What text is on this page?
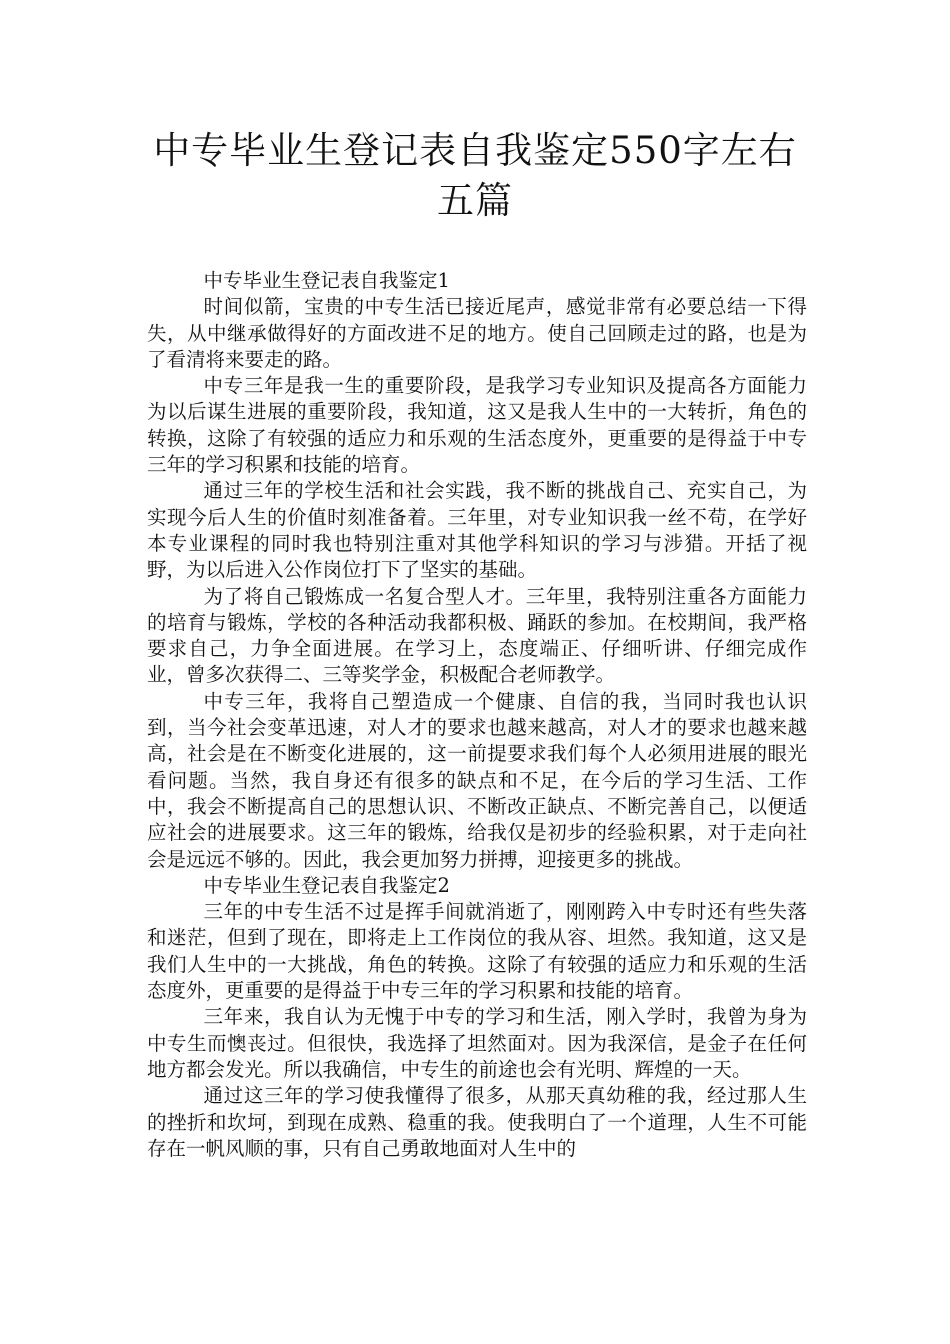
中专毕业生登记表自我鉴定550字左右五篇

中专毕业生登记表自我鉴定1

时间似箭，宝贵的中专生活已接近尾声，感觉非常有必要总结一下得失，从中继承做得好的方面改进不足的地方。使自己回顾走过的路，也是为了看清将来要走的路。

中专三年是我一生的重要阶段，是我学习专业知识及提高各方面能力为以后谋生进展的重要阶段，我知道，这又是我人生中的一大转折，角色的转换，这除了有较强的适应力和乐观的生活态度外，更重要的是得益于中专三年的学习积累和技能的培育。

通过三年的学校生活和社会实践，我不断的挑战自己、充实自己，为实现今后人生的价值时刻准备着。三年里，对专业知识我一丝不苟，在学好本专业课程的同时我也特别注重对其他学科知识的学习与涉猎。开括了视野，为以后进入公作岗位打下了坚实的基础。

为了将自己锻炼成一名复合型人才。三年里，我特别注重各方面能力的培育与锻炼，学校的各种活动我都积极、踊跃的参加。在校期间，我严格要求自己，力争全面进展。在学习上，态度端正、仔细听讲、仔细完成作业，曾多次获得二、三等奖学金，积极配合老师教学。

中专三年，我将自己塑造成一个健康、自信的我，当同时我也认识到，当今社会变革迅速，对人才的要求也越来越高，对人才的要求也越来越高，社会是在不断变化进展的，这一前提要求我们每个人必须用进展的眼光看问题。当然，我自身还有很多的缺点和不足，在今后的学习生活、工作中，我会不断提高自己的思想认识、不断改正缺点、不断完善自己，以便适应社会的进展要求。这三年的锻炼，给我仅是初步的经验积累，对于走向社会是远远不够的。因此，我会更加努力拼搏，迎接更多的挑战。

中专毕业生登记表自我鉴定2

三年的中专生活不过是挥手间就消逝了，刚刚跨入中专时还有些失落和迷茫，但到了现在，即将走上工作岗位的我从容、坦然。我知道，这又是我们人生中的一大挑战，角色的转换。这除了有较强的适应力和乐观的生活态度外，更重要的是得益于中专三年的学习积累和技能的培育。

三年来，我自认为无愧于中专的学习和生活，刚入学时，我曾为身为中专生而懊丧过。但很快，我选择了坦然面对。因为我深信，是金子在任何地方都会发光。所以我确信，中专生的前途也会有光明、辉煌的一天。

通过这三年的学习使我懂得了很多，从那天真幼稚的我，经过那人生的挫折和坎坷，到现在成熟、稳重的我。使我明白了一个道理，人生不可能存在一帆风顺的事，只有自己勇敢地面对人生中的
